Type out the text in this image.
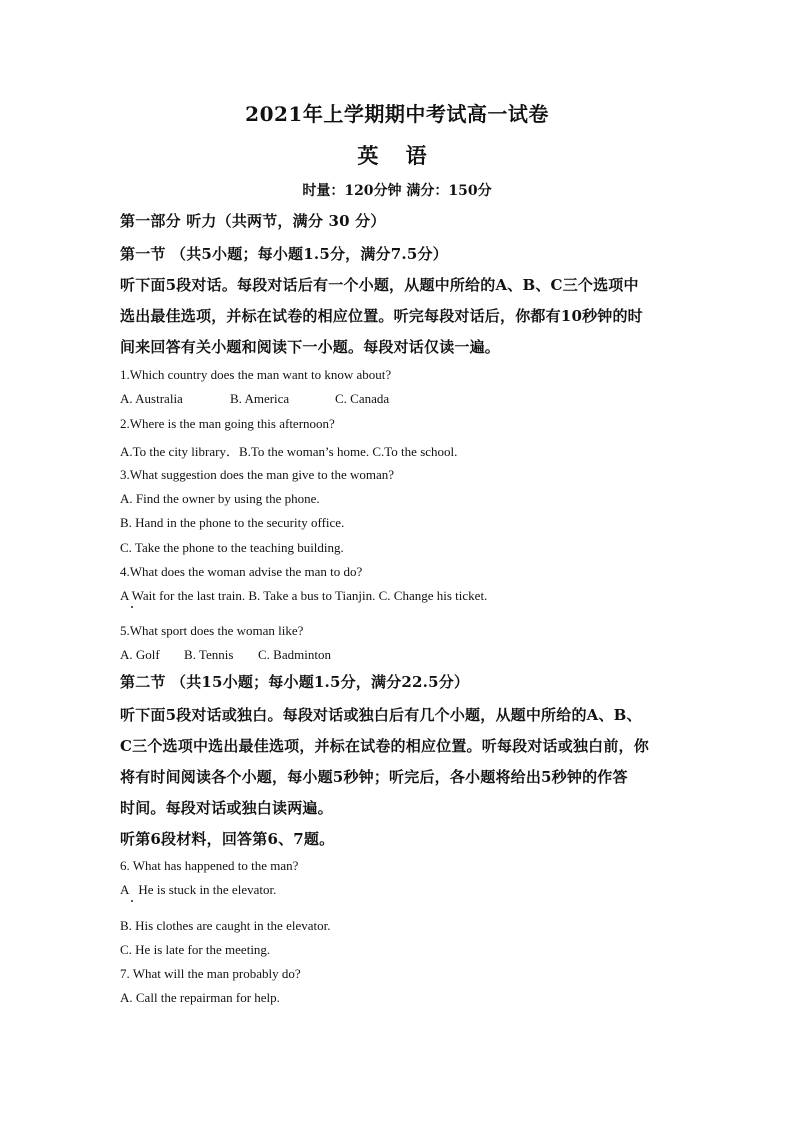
2021年上学期期中考试高一试卷
英 语
时量：120分钟 满分：150分
第一部分 听力（共两节，满分 30 分）
第一节 （共5小题；每小题1.5分，满分7.5分）
听下面5段对话。每段对话后有一个小题，从题中所给的A、B、C三个选项中
选出最佳选项，并标在试卷的相应位置。听完每段对话后，你都有10秒钟的时
间来回答有关小题和阅读下一小题。每段对话仅读一遍。
1.Which country does the man want to know about?
A. Australia	B. America	C. Canada
2.Where is the man going this afternoon?
A.To the city library．B.To the woman’s home. C.To the school.
3.What suggestion does the man give to the woman?
A. Find the owner by using the phone.
B. Hand in the phone to the security office.
C. Take the phone to the teaching building.
4.What does the woman advise the man to do?
A Wait for the last train. B. Take a bus to Tianjin. C. Change his ticket.
5.What sport does the woman like?
A. Golf B. Tennis C. Badminton
第二节 （共15小题；每小题1.5分，满分22.5分）
听下面5段对话或独白。每段对话或独白后有几个小题，从题中所给的A、B、
C三个选项中选出最佳选项，并标在试卷的相应位置。听每段对话或独白前，你
将有时间阅读各个小题，每小题5秒钟；听完后，各小题将给出5秒钟的作答
时间。每段对话或独白读两遍。
听第6段材料，回答第6、7题。
6. What has happened to the man?
A   He is stuck in the elevator.
B. His clothes are caught in the elevator.
C. He is late for the meeting.
7. What will the man probably do?
A. Call the repairman for help.
